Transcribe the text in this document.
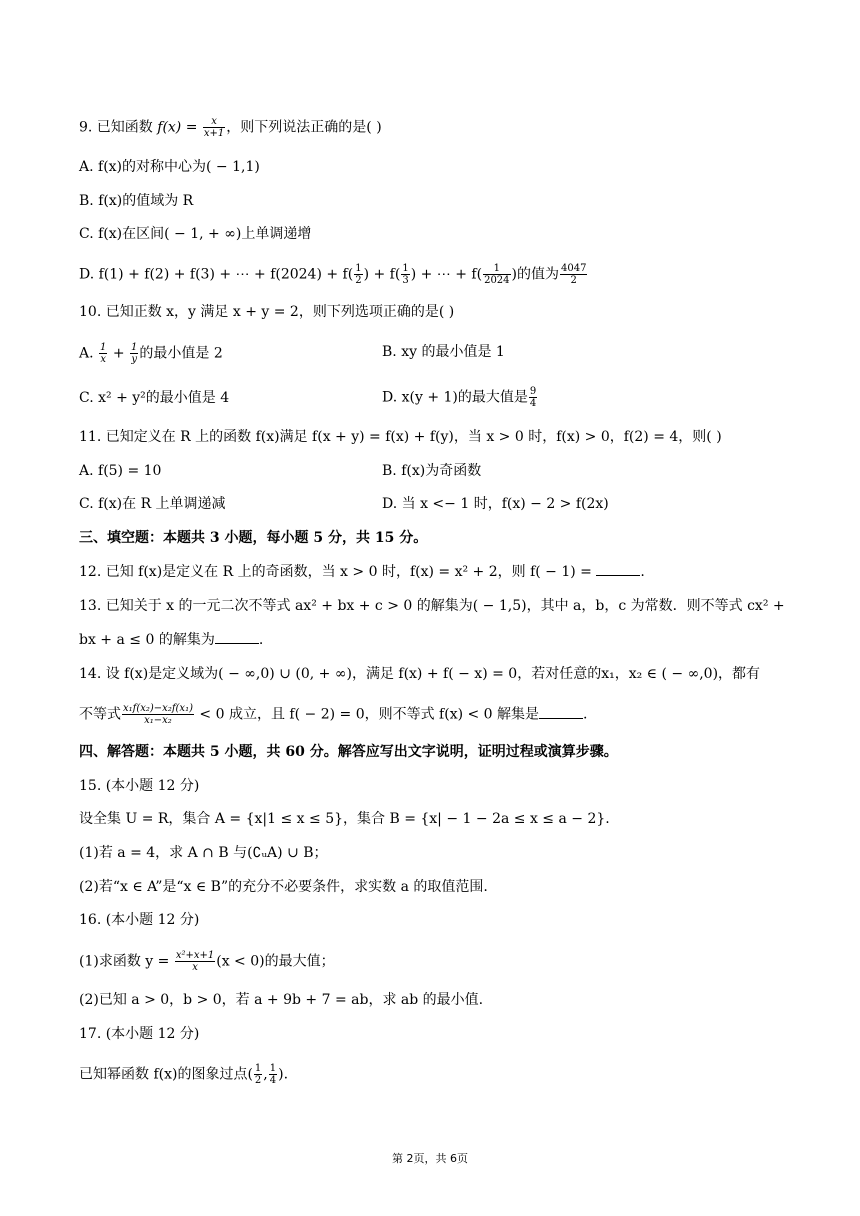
9. 已知函数 $f(x) = \frac{x}{x+1}$ ，则下列说法正确的是( )
A. f(x)的对称中心为( − 1,1)
B. f(x)的值域为 R
C. f(x)在区间( − 1, + ∞)上单调递增
D. f(1) + f(2) + f(3) + ⋯ + $f(2024) + f( \frac{1}{2}$ ) + $f( \frac{1}{3}$ ) + ⋯ + $f( \frac{1}{2024}$ )的值为 $\frac{4047}{2}$
10. 已知正数 x，y 满足 x + y = 2，则下列选项正确的是( )
A. $\frac{1}{x} + \frac{1}{y}$ 的最小值是 2	B. xy 的最小值是 1
C. x² + y²的最小值是 4	D. x(y + 1)的最大值是 $\frac{9}{4}$
11. 已知定义在 R 上的函数 f(x)满足 f(x + y) = f(x) + f(y)，当 x > 0 时，f(x) > 0，f(2) = 4，则( )
A. f(5) = 10	B. f(x)为奇函数
C. f(x)在 R 上单调递减	D. 当 x <− 1 时，f(x) − 2 > f(2x)
三、填空题：本题共 3 小题，每小题 5 分，共 15 分。
12. 已知 f(x)是定义在 R 上的奇函数，当 x > 0 时，f(x) = x² + 2，则 f( − 1) =	.
13. 已知关于 x 的一元二次不等式 ax² + bx + c > 0 的解集为( − 1,5)，其中 a，b，c 为常数．则不等式 cx² +
bx + a ≤ 0 的解集为	.
14. 设 f(x)是定义域为( − ∞,0) ∪ (0, + ∞)，满足 f(x) + f( − x) = 0，若对任意的x₁，x₂ ∈ ( − ∞,0)，都有
不等式 $\frac{\text{x₁f(x₂)−x₂f(x₁)}}{\text{x₁−x₂}} < 0$ 成立，且 f( − 2) = 0，则不等式 f(x) < 0 解集是	.
四、解答题：本题共 5 小题，共 60 分。解答应写出文字说明，证明过程或演算步骤。
15. (本小题 12 分)
设全集 U = R，集合 A = {x|1 ≤ x ≤ 5}，集合 B = {x| − 1 − 2a ≤ x ≤ a − 2}.
(1)若 a = 4，求 A ∩ B 与(∁ᵤA) ∪ B；
(2)若“x ∈ A”是“x ∈ B”的充分不必要条件，求实数 a 的取值范围.
16. (本小题 12 分)
(1)求函数 $y = \frac{\text{x²+x+1}}{x} (x < 0)$的最大值；
(2)已知 a > 0，b > 0，若 a + 9b + 7 = ab，求 ab 的最小值.
17. (本小题 12 分)
已知幂函数 f(x)的图象过点( $\frac{1}{2}$ , $\frac{1}{4}$ ).
第 2页，共 6页
